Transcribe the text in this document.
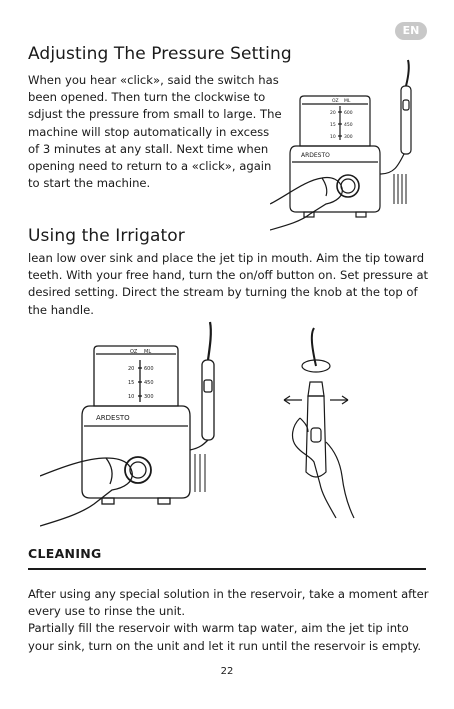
EN
Adjusting The Pressure Setting
When you hear «click», said the switch has
been opened. Then turn the clockwise to
sdjust the pressure from small to large. The
machine will stop automatically in excess
of 3 minutes at any stall. Next time when
opening need to return to a «click», again
to start the machine.
ARDESTO
OZ ML
20
15
10
600
450
300
Using the Irrigator
lean low over sink and place the jet tip in mouth. Aim the tip toward
teeth. With your free hand, turn the on/off button on. Set pressure at
desired setting. Direct the stream by turning the knob at the top of
the handle.
ARDESTO
OZ ML
20
15
10
600
450
300
CLEANING
After using any special solution in the reservoir, take a moment after
every use to rinse the unit.
Partially fill the reservoir with warm tap water, aim the jet tip into
your sink, turn on the unit and let it run until the reservoir is empty.
22
